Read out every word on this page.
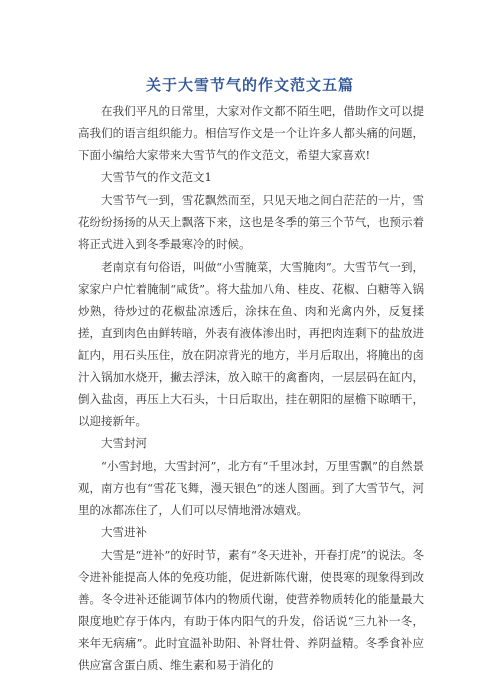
关于大雪节气的作文范文五篇

在我们平凡的日常里，大家对作文都不陌生吧，借助作文可以提高我们的语言组织能力。相信写作文是一个让许多人都头痛的问题，下面小编给大家带来大雪节气的作文范文，希望大家喜欢!

大雪节气的作文范文1

大雪节气一到，雪花飘然而至，只见天地之间白茫茫的一片，雪花纷纷扬扬的从天上飘落下来，这也是冬季的第三个节气，也预示着将正式进入到冬季最寒冷的时候。

老南京有句俗语，叫做“小雪腌菜，大雪腌肉”。大雪节气一到，家家户户忙着腌制“咸货”。将大盐加八角、桂皮、花椒、白糖等入锅炒熟，待炒过的花椒盐凉透后，涂抹在鱼、肉和光禽内外，反复揉搓，直到肉色由鲜转暗，外表有液体渗出时，再把肉连剩下的盐放进缸内，用石头压住，放在阴凉背光的地方，半月后取出，将腌出的卤汁入锅加水烧开，撇去浮沫，放入晾干的禽畜肉，一层层码在缸内，倒入盐卤，再压上大石头，十日后取出，挂在朝阳的屋檐下晾晒干，以迎接新年。

大雪封河

“小雪封地，大雪封河”，北方有“千里冰封，万里雪飘”的自然景观，南方也有“雪花飞舞，漫天银色”的迷人图画。到了大雪节气，河里的冰都冻住了，人们可以尽情地滑冰嬉戏。

大雪进补

大雪是“进补”的好时节，素有“冬天进补，开春打虎”的说法。冬令进补能提高人体的免疫功能，促进新陈代谢，使畏寒的现象得到改善。冬令进补还能调节体内的物质代谢，使营养物质转化的能量最大限度地贮存于体内，有助于体内阳气的升发，俗话说“三九补一冬，来年无病痛”。此时宜温补助阳、补肾壮骨、养阴益精。冬季食补应供应富含蛋白质、维生素和易于消化的
